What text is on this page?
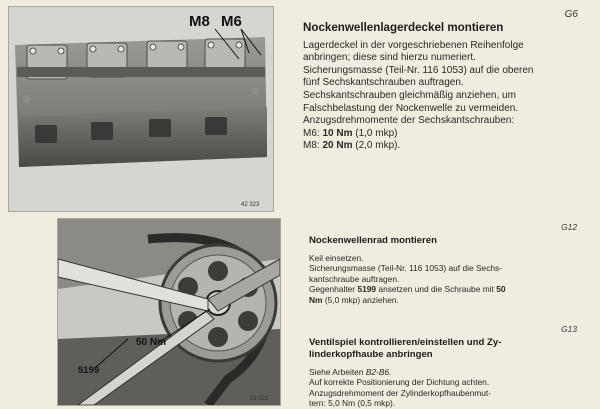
M8 M6
42 323
G6
Nockenwellenlagerdeckel montieren

Lagerdeckel in der vorgeschriebenen Reihenfolge

anbringen; diese sind hierzu numeriert.

Sicherungsmasse (Teil-Nr. 116 1053) auf die oberen

fünf Sechskantschrauben auftragen.

Sechskantschrauben gleichmäßig anziehen, um

Falschbelastung der Nockenwelle zu vermeiden.

Anzugsdrehmomente der Sechskantschrauben:

M6: 10 Nm (1,0 mkp)

M8: 20 Nm (2,0 mkp).

50 Nm
5199
21 022
G12
Nockenwellenrad montieren

Keil einsetzen.

Sicherungsmasse (Teil-Nr. 116 1053) auf die Sechs-

kantschraube auftragen.

Gegenhalter 5199 ansetzen und die Schraube mit 50

Nm (5,0 mkp) anziehen.

G13
Ventilspiel kontrollieren/einstellen und Zy-
linderkopfhaube anbringen

Siehe Arbeiten B2-B6.

Auf korrekte Positionierung der Dichtung achten.

Anzugsdrehmoment der Zylinderkopfhaubenmut-

tern: 5,0 Nm (0,5 mkp).
